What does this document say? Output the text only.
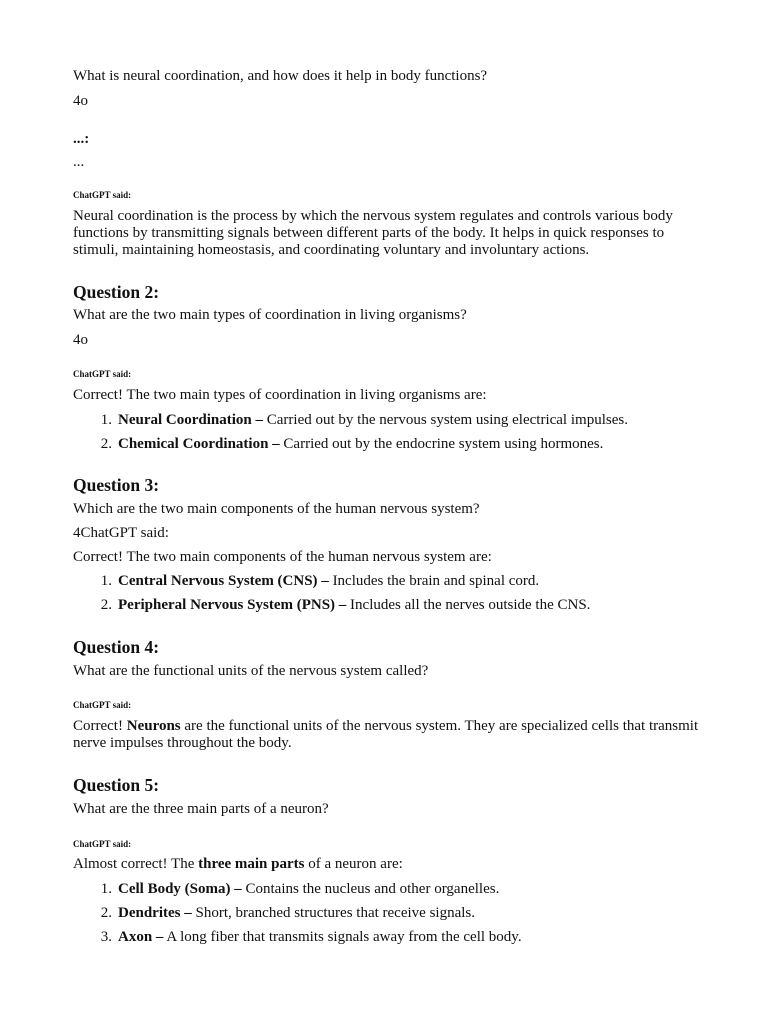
What is neural coordination, and how does it help in body functions?
4o
...:
...
ChatGPT said:
Neural coordination is the process by which the nervous system regulates and controls various body functions by transmitting signals between different parts of the body. It helps in quick responses to stimuli, maintaining homeostasis, and coordinating voluntary and involuntary actions.
Question 2:
What are the two main types of coordination in living organisms?
4o
ChatGPT said:
Correct! The two main types of coordination in living organisms are:
1. Neural Coordination – Carried out by the nervous system using electrical impulses.
2. Chemical Coordination – Carried out by the endocrine system using hormones.
Question 3:
Which are the two main components of the human nervous system?
4ChatGPT said:
Correct! The two main components of the human nervous system are:
1. Central Nervous System (CNS) – Includes the brain and spinal cord.
2. Peripheral Nervous System (PNS) – Includes all the nerves outside the CNS.
Question 4:
What are the functional units of the nervous system called?
ChatGPT said:
Correct! Neurons are the functional units of the nervous system. They are specialized cells that transmit nerve impulses throughout the body.
Question 5:
What are the three main parts of a neuron?
ChatGPT said:
Almost correct! The three main parts of a neuron are:
1. Cell Body (Soma) – Contains the nucleus and other organelles.
2. Dendrites – Short, branched structures that receive signals.
3. Axon – A long fiber that transmits signals away from the cell body.
